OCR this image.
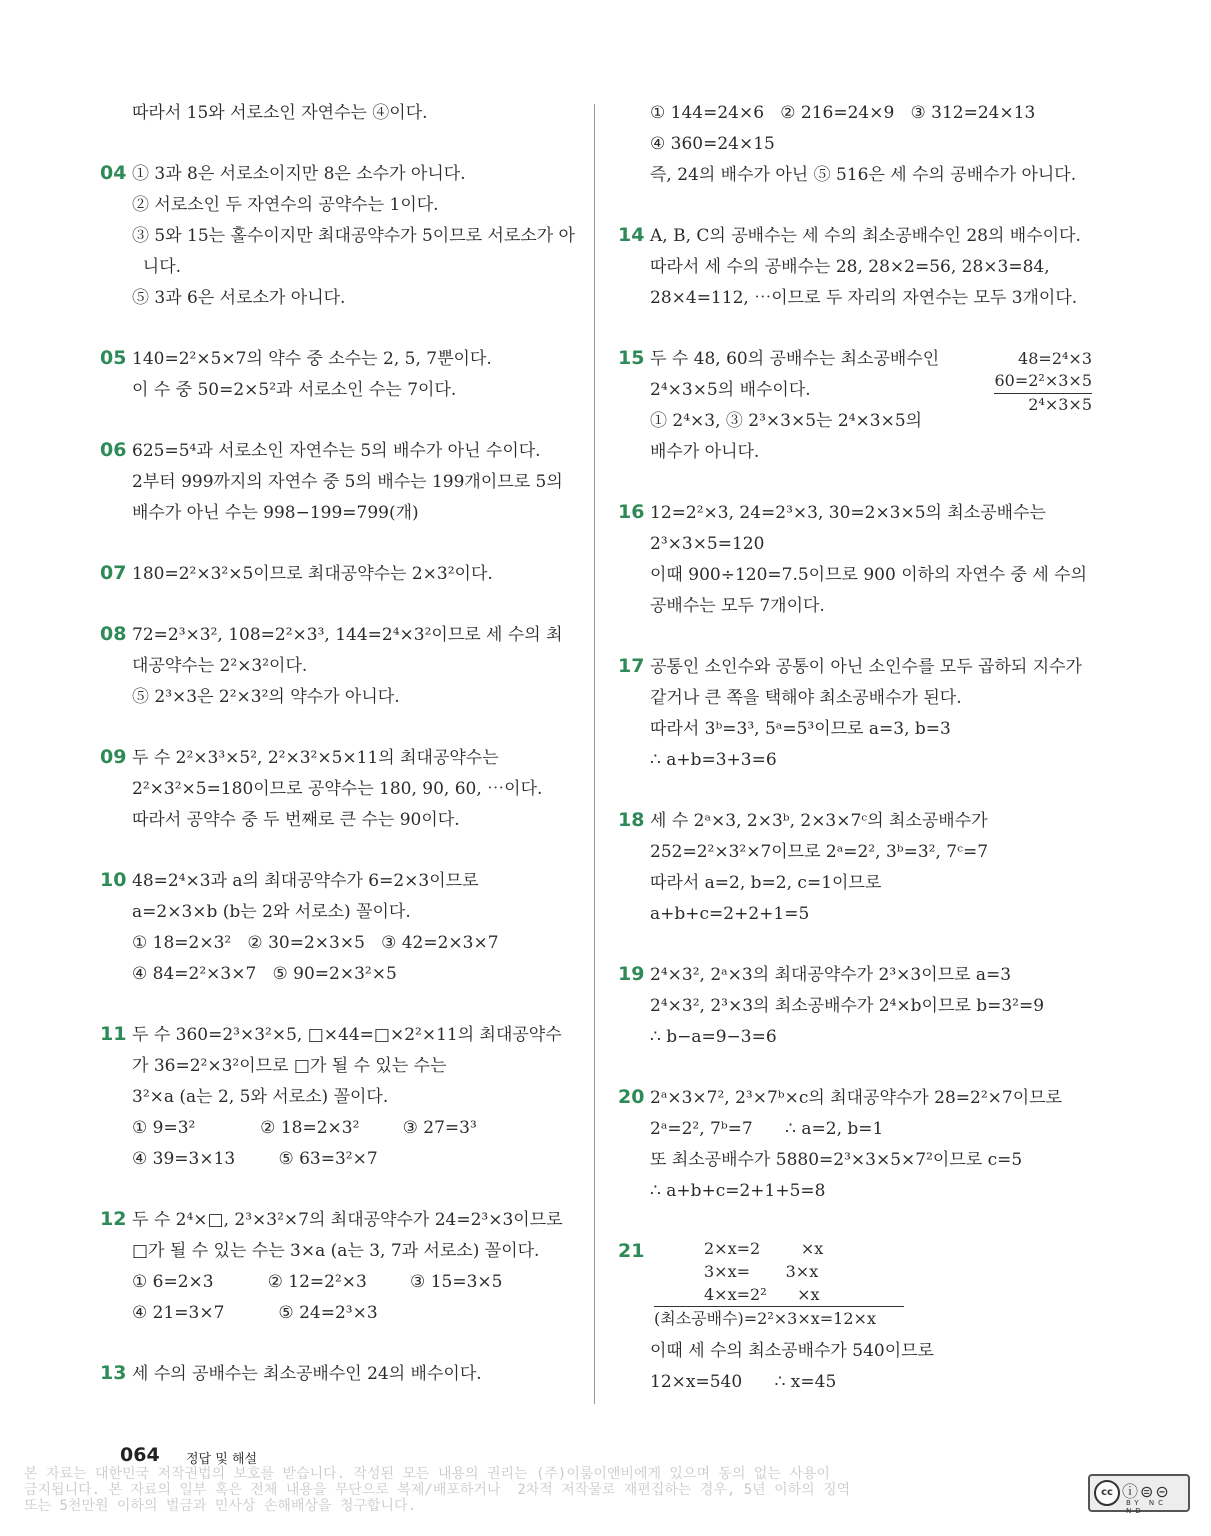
따라서 15와 서로소인 자연수는 ④이다.
04 ① 3과 8은 서로소이지만 8은 소수가 아니다.
② 서로소인 두 자연수의 공약수는 1이다.
③ 5와 15는 홀수이지만 최대공약수가 5이므로 서로소가 아
니다.
⑤ 3과 6은 서로소가 아니다.
05 140=2²×5×7의 약수 중 소수는 2, 5, 7뿐이다.
이 수 중 50=2×5²과 서로소인 수는 7이다.
06 625=5⁴과 서로소인 자연수는 5의 배수가 아닌 수이다.
2부터 999까지의 자연수 중 5의 배수는 199개이므로 5의
배수가 아닌 수는 998−199=799(개)
07 180=2²×3²×5이므로 최대공약수는 2×3²이다.
08 72=2³×3², 108=2²×3³, 144=2⁴×3²이므로 세 수의 최
대공약수는 2²×3²이다.
⑤ 2³×3은 2²×3²의 약수가 아니다.
09 두 수 2²×3³×5², 2²×3²×5×11의 최대공약수는
2²×3²×5=180이므로 공약수는 180, 90, 60, ⋯이다.
따라서 공약수 중 두 번째로 큰 수는 90이다.
10 48=2⁴×3과 a의 최대공약수가 6=2×3이므로
a=2×3×b (b는 2와 서로소) 꼴이다.
① 18=2×3²   ② 30=2×3×5   ③ 42=2×3×7
④ 84=2²×3×7   ⑤ 90=2×3²×5
11 두 수 360=2³×3²×5, □×44=□×2²×11의 최대공약수
가 36=2²×3²이므로 □가 될 수 있는 수는
3²×a (a는 2, 5와 서로소) 꼴이다.
① 9=3²            ② 18=2×3²        ③ 27=3³
④ 39=3×13        ⑤ 63=3²×7
12 두 수 2⁴×□, 2³×3²×7의 최대공약수가 24=2³×3이므로
□가 될 수 있는 수는 3×a (a는 3, 7과 서로소) 꼴이다.
① 6=2×3          ② 12=2²×3        ③ 15=3×5
④ 21=3×7          ⑤ 24=2³×3
13 세 수의 공배수는 최소공배수인 24의 배수이다.
① 144=24×6   ② 216=24×9   ③ 312=24×13
④ 360=24×15
즉, 24의 배수가 아닌 ⑤ 516은 세 수의 공배수가 아니다.
14 A, B, C의 공배수는 세 수의 최소공배수인 28의 배수이다.
따라서 세 수의 공배수는 28, 28×2=56, 28×3=84,
28×4=112, ⋯이므로 두 자리의 자연수는 모두 3개이다.
15 두 수 48, 60의 공배수는 최소공배수인
2⁴×3×5의 배수이다.
① 2⁴×3, ③ 2³×3×5는 2⁴×3×5의
배수가 아니다.
48=2⁴×3
60=2²×3×5
2⁴×3×5
16 12=2²×3, 24=2³×3, 30=2×3×5의 최소공배수는
2³×3×5=120
이때 900÷120=7.5이므로 900 이하의 자연수 중 세 수의
공배수는 모두 7개이다.
17 공통인 소인수와 공통이 아닌 소인수를 모두 곱하되 지수가
같거나 큰 쪽을 택해야 최소공배수가 된다.
따라서 3ᵇ=3³, 5ᵃ=5³이므로 a=3, b=3
∴ a+b=3+3=6
18 세 수 2ᵃ×3, 2×3ᵇ, 2×3×7ᶜ의 최소공배수가
252=2²×3²×7이므로 2ᵃ=2², 3ᵇ=3², 7ᶜ=7
따라서 a=2, b=2, c=1이므로
a+b+c=2+2+1=5
19 2⁴×3², 2ᵃ×3의 최대공약수가 2³×3이므로 a=3
2⁴×3², 2³×3의 최소공배수가 2⁴×b이므로 b=3²=9
∴ b−a=9−3=6
20 2ᵃ×3×7², 2³×7ᵇ×c의 최대공약수가 28=2²×7이므로
2ᵃ=2², 7ᵇ=7      ∴ a=2, b=1
또 최소공배수가 5880=2³×3×5×7²이므로 c=5
∴ a+b+c=2+1+5=8
21	2×x=2        ×x
3×x=       3×x
4×x=2²      ×x
(최소공배수)=2²×3×x=12×x
이때 세 수의 최소공배수가 540이므로
12×x=540      ∴ x=45
064 정답 및 해설
본 자료는 대한민국 저작권법의 보호를 받습니다. 작성된 모든 내용의 권리는 (주)이룸이앤비에게 있으며 동의 없는 사용이
금지됩니다. 본 자료의 일부 혹은 전체 내용을 무단으로 복제/배포하거나  2차적 저작물로 재편집하는 경우, 5년 이하의 징역
또는 5천만원 이하의 벌금과 민사상 손해배상을 청구합니다.
cc ⓘ⊜⊝
BY NC ND
